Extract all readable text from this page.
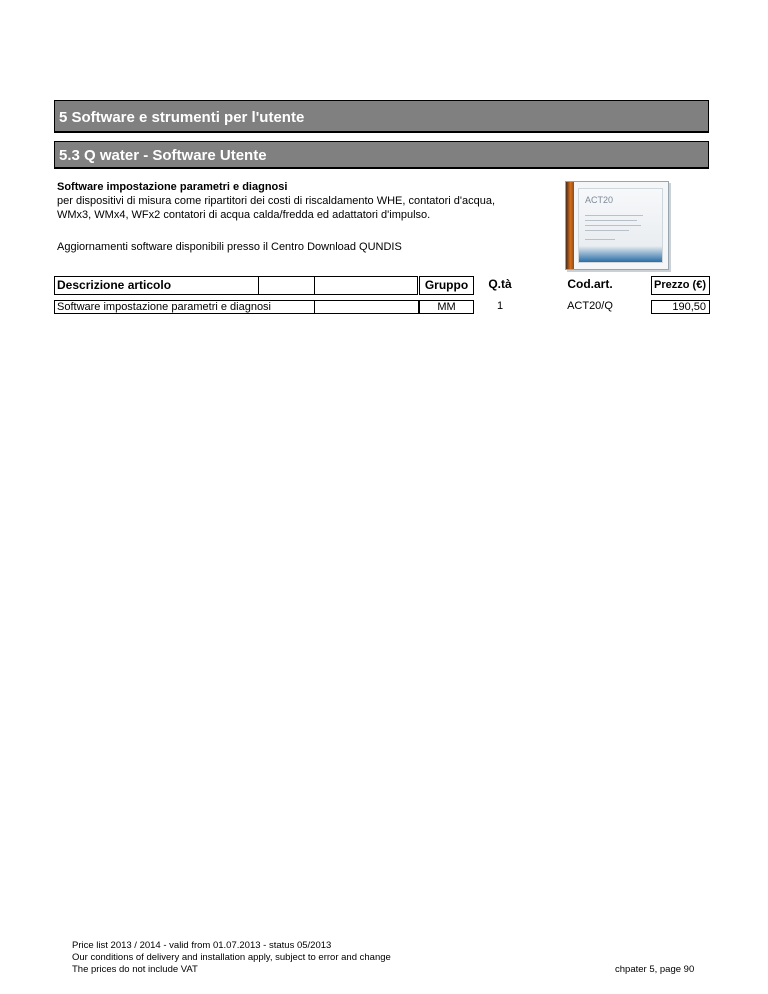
5 Software e strumenti per l'utente
5.3 Q water - Software Utente
Software impostazione parametri e diagnosi
per dispositivi di misura come ripartitori dei costi di riscaldamento WHE, contatori d'acqua,
WMx3, WMx4, WFx2 contatori di acqua calda/fredda ed adattatori d'impulso.
Aggiornamenti software disponibili presso il Centro Download QUNDIS
ACT20
Descrizione articolo	Gruppo	Q.tà	Cod.art.	Prezzo (€)
Software impostazione parametri e diagnosi	MM	1	ACT20/Q	190,50
Price list 2013 / 2014 - valid from 01.07.2013 - status 05/2013
Our conditions of delivery and installation apply, subject to error and change
The prices do not include VAT	chpater 5, page 90
